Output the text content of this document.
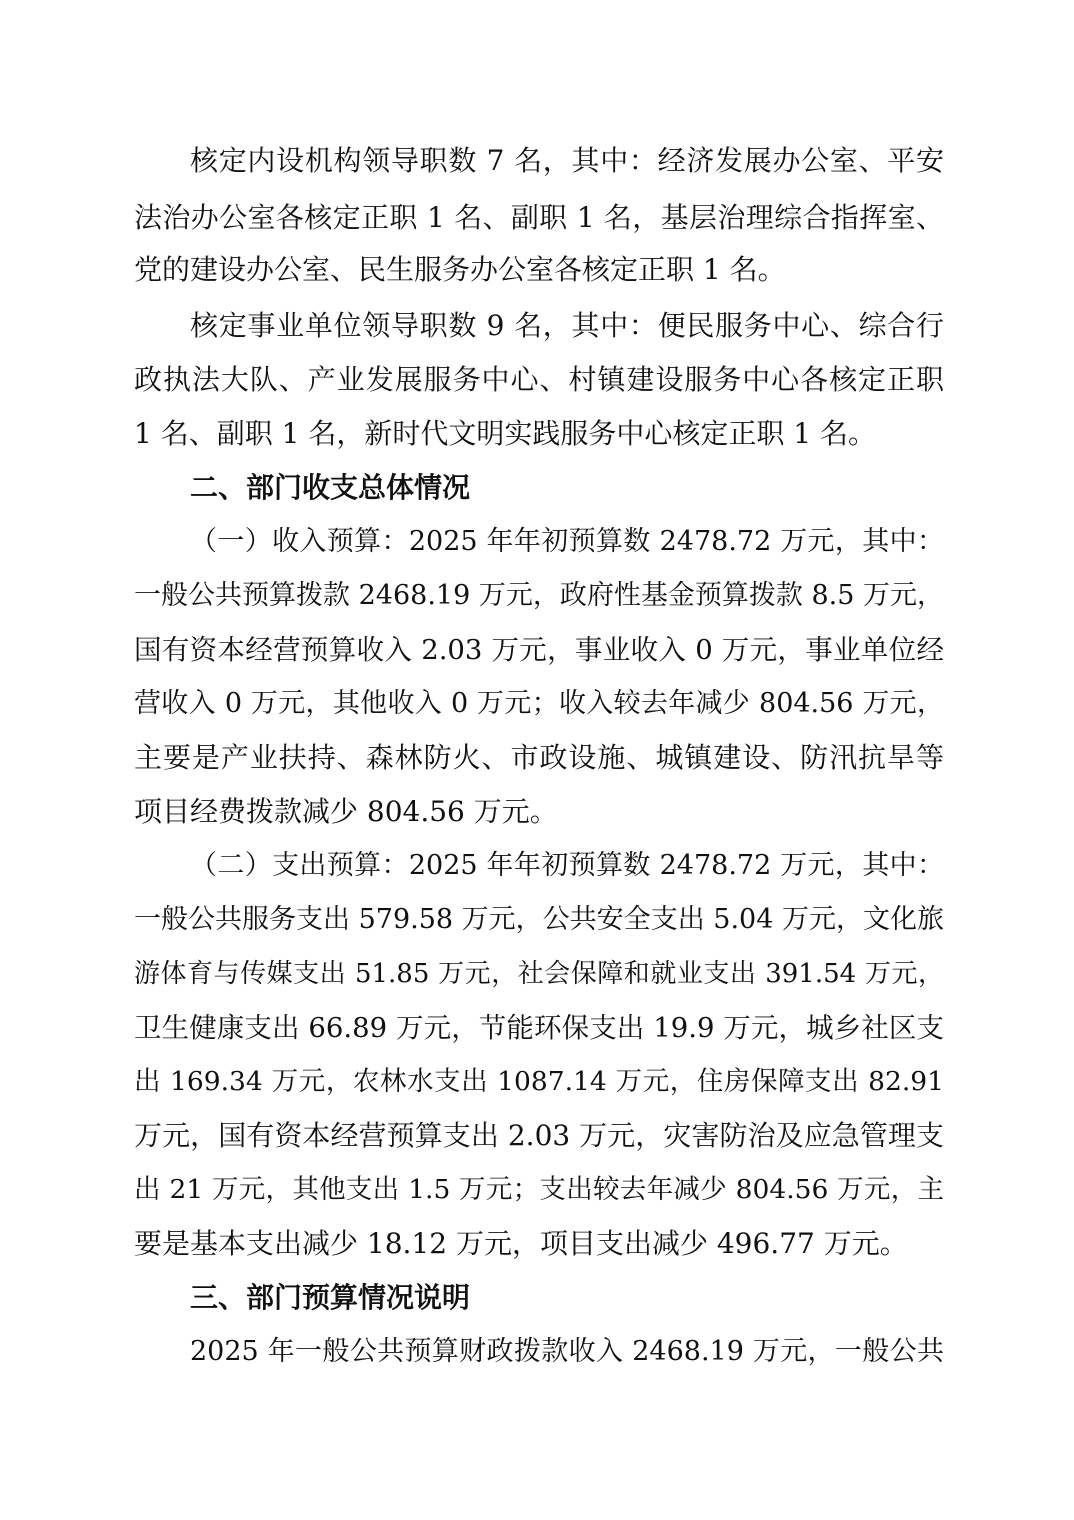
核定内设机构领导职数 7 名，其中：经济发展办公室、平安
法治办公室各核定正职 1 名、副职 1 名，基层治理综合指挥室、
党的建设办公室、民生服务办公室各核定正职 1 名。
核定事业单位领导职数 9 名，其中：便民服务中心、综合行
政执法大队、产业发展服务中心、村镇建设服务中心各核定正职
1 名、副职 1 名，新时代文明实践服务中心核定正职 1 名。
二、部门收支总体情况
（一）收入预算：2025 年年初预算数 2478.72 万元，其中：
一般公共预算拨款 2468.19 万元，政府性基金预算拨款 8.5 万元，
国有资本经营预算收入 2.03 万元，事业收入 0 万元，事业单位经
营收入 0 万元，其他收入 0 万元；收入较去年减少 804.56 万元，
主要是产业扶持、森林防火、市政设施、城镇建设、防汛抗旱等
项目经费拨款减少 804.56 万元。
（二）支出预算：2025 年年初预算数 2478.72 万元，其中：
一般公共服务支出 579.58 万元，公共安全支出 5.04 万元，文化旅
游体育与传媒支出 51.85 万元，社会保障和就业支出 391.54 万元，
卫生健康支出 66.89 万元，节能环保支出 19.9 万元，城乡社区支
出 169.34 万元，农林水支出 1087.14 万元，住房保障支出 82.91
万元，国有资本经营预算支出 2.03 万元，灾害防治及应急管理支
出 21 万元，其他支出 1.5 万元；支出较去年减少 804.56 万元，主
要是基本支出减少 18.12 万元，项目支出减少 496.77 万元。
三、部门预算情况说明
2025 年一般公共预算财政拨款收入 2468.19 万元，一般公共
